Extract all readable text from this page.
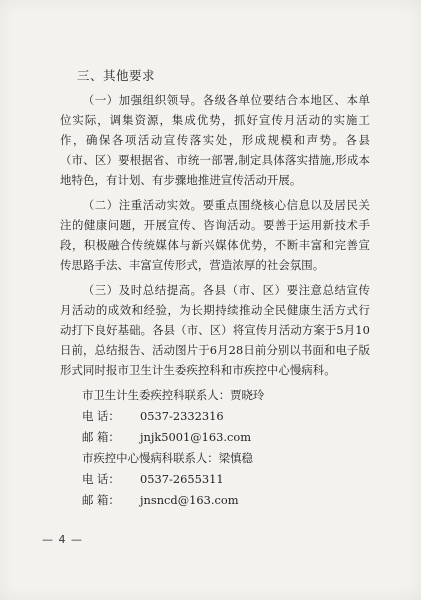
三、其他要求

（一）加强组织领导。各级各单位要结合本地区、本单位实际，调集资源，集成优势，抓好宣传月活动的实施工作，确保各项活动宣传落实处，形成规模和声势。各县（市、区）要根据省、市统一部署,制定具体落实措施,形成本地特色，有计划、有步骤地推进宣传活动开展。

（二）注重活动实效。要重点围绕核心信息以及居民关注的健康问题，开展宣传、咨询活动。要善于运用新技术手段，积极融合传统媒体与新兴媒体优势，不断丰富和完善宣传思路手法、丰富宣传形式，营造浓厚的社会氛围。

（三）及时总结提高。各县（市、区）要注意总结宣传月活动的成效和经验，为长期持续推动全民健康生活方式行动打下良好基础。各县（市、区）将宣传月活动方案于5月10日前，总结报告、活动图片于6月28日前分别以书面和电子版形式同时报市卫生计生委疾控科和市疾控中心慢病科。

市卫生计生委疾控科联系人：贾晓玲
电 话： 0537-2332316
邮 箱： jnjk5001@163.com
市疾控中心慢病科联系人：梁慎稳
电 话： 0537-2655311
邮 箱： jnsncd@163.com
— 4 —
